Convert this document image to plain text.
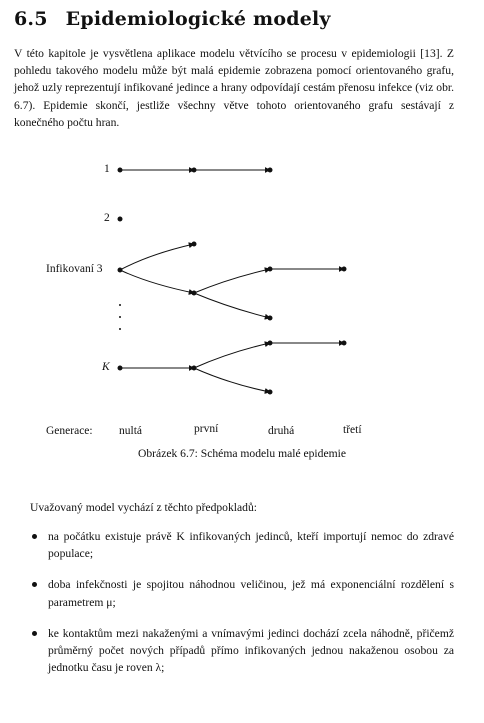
6.5 Epidemiologické modely

V této kapitole je vysvětlena aplikace modelu větvícího se procesu v epidemiologii [13]. Z pohledu takového modelu může být malá epidemie zobrazena pomocí orientovaného grafu, jehož uzly reprezentují infikované jedince a hrany odpovídají cestám přenosu infekce (viz obr. 6.7). Epidemie skončí, jestliže všechny větve tohoto orientovaného grafu sestávají z konečného počtu hran.

1
2
Infikovaní 3
K
Generace: nultá	první	druhá	třetí
Obrázek 6.7: Schéma modelu malé epidemie

Uvažovaný model vychází z těchto předpokladů:

na počátku existuje právě K infikovaných jedinců, kteří importují nemoc do zdravé populace;
doba infekčnosti je spojitou náhodnou veličinou, jež má exponenciální rozdělení s parametrem μ;
ke kontaktům mezi nakaženými a vnímavými jedinci dochází zcela náhodně, přičemž průměrný počet nových případů přímo infikovaných jednou nakaženou osobou za jednotku času je roven λ;
